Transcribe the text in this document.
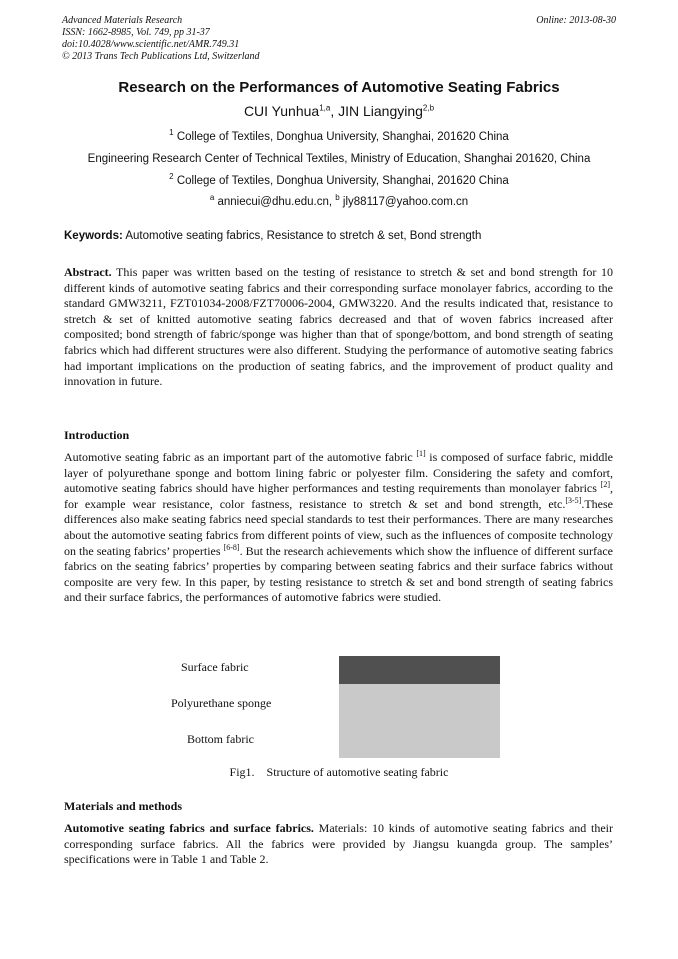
Advanced Materials Research
ISSN: 1662-8985, Vol. 749, pp 31-37
doi:10.4028/www.scientific.net/AMR.749.31
© 2013 Trans Tech Publications Ltd, Switzerland
Online: 2013-08-30
Research on the Performances of Automotive Seating Fabrics
CUI Yunhua$^{1,a}$, JIN Liangying$^{2,b}$
$^1$ College of Textiles, Donghua University, Shanghai, 201620 China
Engineering Research Center of Technical Textiles, Ministry of Education, Shanghai 201620, China
$^2$ College of Textiles, Donghua University, Shanghai, 201620 China
$^a$ anniecui@dhu.edu.cn, $^b$ jly88117@yahoo.com.cn
Keywords: Automotive seating fabrics, Resistance to stretch & set, Bond strength

Abstract. This paper was written based on the testing of resistance to stretch & set and bond strength for 10 different kinds of automotive seating fabrics and their corresponding surface monolayer fabrics, according to the standard GMW3211, FZT01034-2008/FZT70006-2004, GMW3220. And the results indicated that, resistance to stretch & set of knitted automotive seating fabrics decreased and that of woven fabrics increased after composited; bond strength of fabric/sponge was higher than that of sponge/bottom, and bond strength of seating fabrics which had different structures were also different. Studying the performance of automotive seating fabrics had important implications on the production of seating fabrics, and the improvement of product quality and innovation in future.

Introduction

Automotive seating fabric as an important part of the automotive fabric [1] is composed of surface fabric, middle layer of polyurethane sponge and bottom lining fabric or polyester film. Considering the safety and comfort, automotive seating fabrics should have higher performances and testing requirements than monolayer fabrics [2], for example wear resistance, color fastness, resistance to stretch & set and bond strength, etc.[3-5].These differences also make seating fabrics need special standards to test their performances. There are many researches about the automotive seating fabrics from different points of view, such as the influences of composite technology on the seating fabrics’ properties [6-8]. But the research achievements which show the influence of different surface fabrics on the seating fabrics’ properties by comparing between seating fabrics and their surface fabrics without composite are very few. In this paper, by testing resistance to stretch & set and bond strength of seating fabrics and their surface fabrics, the performances of automotive fabrics were studied.

Surface fabric
Polyurethane sponge
Bottom fabric
Fig1.    Structure of automotive seating fabric
Materials and methods

Automotive seating fabrics and surface fabrics. Materials: 10 kinds of automotive seating fabrics and their corresponding surface fabrics. All the fabrics were provided by Jiangsu kuangda group. The samples’ specifications were in Table 1 and Table 2.
